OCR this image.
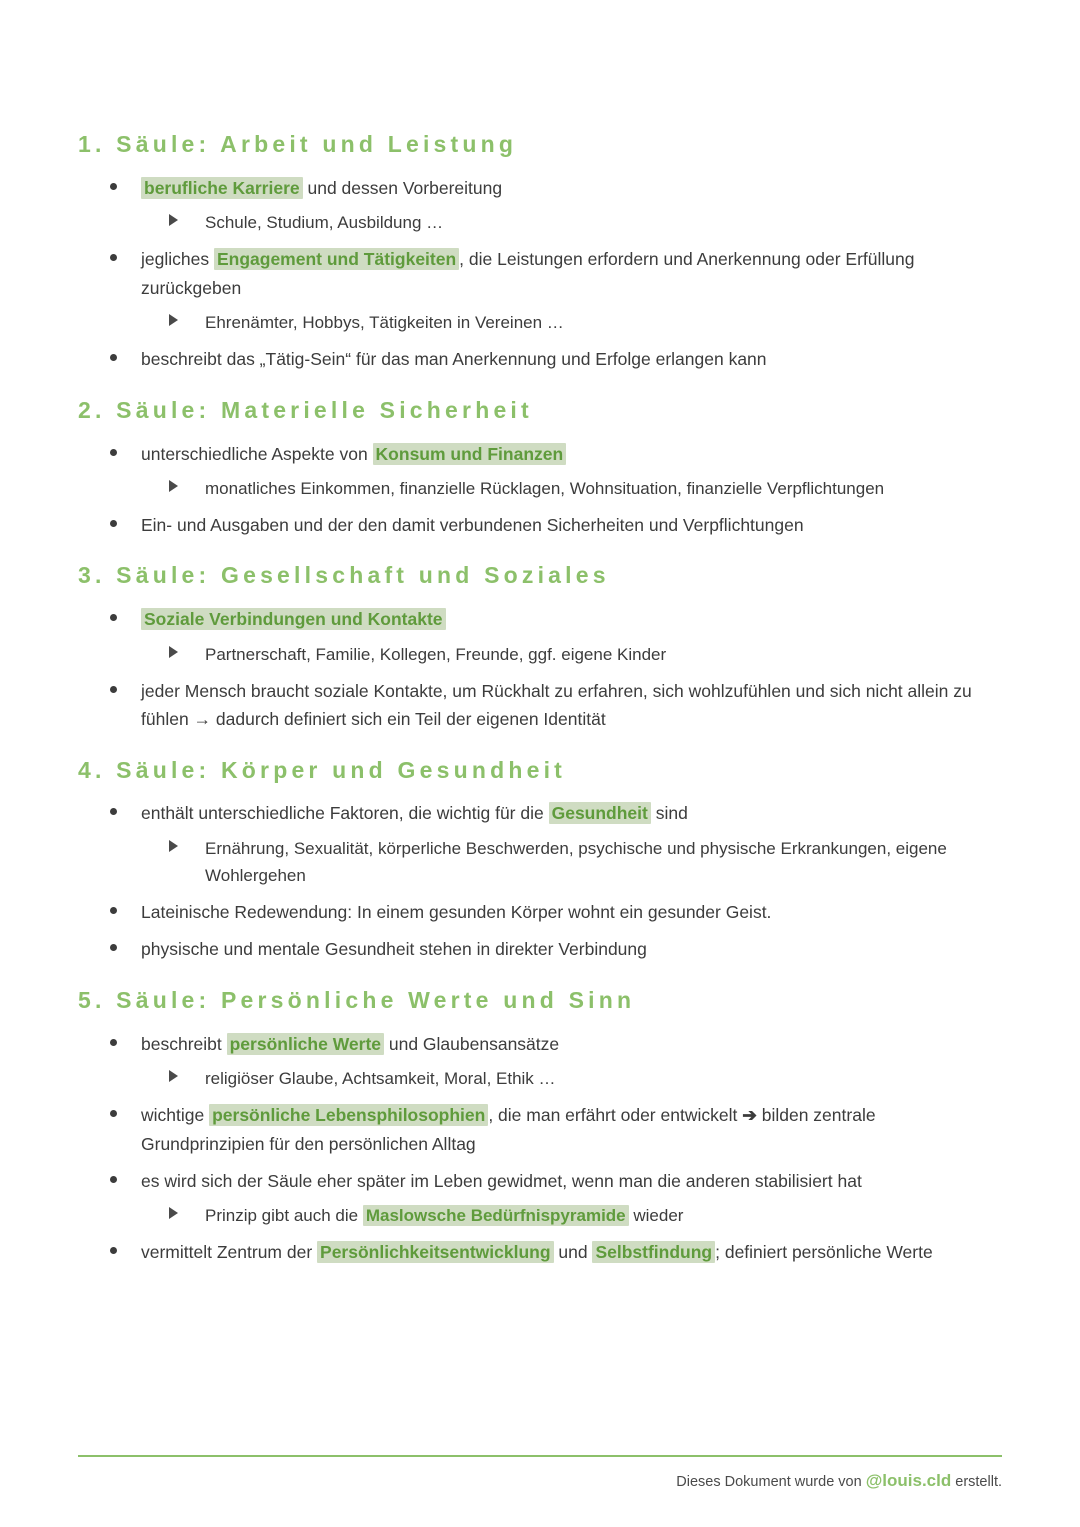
1. Säule: Arbeit und Leistung
berufliche Karriere und dessen Vorbereitung
Schule, Studium, Ausbildung …
jegliches Engagement und Tätigkeiten , die Leistungen erfordern und Anerkennung oder Erfüllung zurückgeben
Ehrenämter, Hobbys, Tätigkeiten in Vereinen …
beschreibt das „Tätig-Sein“ für das man Anerkennung und Erfolge erlangen kann
2. Säule: Materielle Sicherheit
unterschiedliche Aspekte von Konsum und Finanzen
monatliches Einkommen, finanzielle Rücklagen, Wohnsituation, finanzielle Verpflichtungen
Ein- und Ausgaben und der den damit verbundenen Sicherheiten und Verpflichtungen
3. Säule: Gesellschaft und Soziales
Soziale Verbindungen und Kontakte
Partnerschaft, Familie, Kollegen, Freunde, ggf. eigene Kinder
jeder Mensch braucht soziale Kontakte, um Rückhalt zu erfahren, sich wohlzufühlen und sich nicht allein zu fühlen → dadurch definiert sich ein Teil der eigenen Identität
4. Säule: Körper und Gesundheit
enthält unterschiedliche Faktoren, die wichtig für die Gesundheit sind
Ernährung, Sexualität, körperliche Beschwerden, psychische und physische Erkrankungen, eigene Wohlergehen
Lateinische Redewendung: In einem gesunden Körper wohnt ein gesunder Geist.
physische und mentale Gesundheit stehen in direkter Verbindung
5. Säule: Persönliche Werte und Sinn
beschreibt persönliche Werte und Glaubensansätze
religiöser Glaube, Achtsamkeit, Moral, Ethik …
wichtige persönliche Lebensphilosophien , die man erfährt oder entwickelt ➔ bilden zentrale Grundprinzipien für den persönlichen Alltag
es wird sich der Säule eher später im Leben gewidmet, wenn man die anderen stabilisiert hat
Prinzip gibt auch die Maslowsche Bedürfnispyramide wieder
vermittelt Zentrum der Persönlichkeitsentwicklung und Selbstfindung ; definiert persönliche Werte
Dieses Dokument wurde von @louis.cld erstellt.
